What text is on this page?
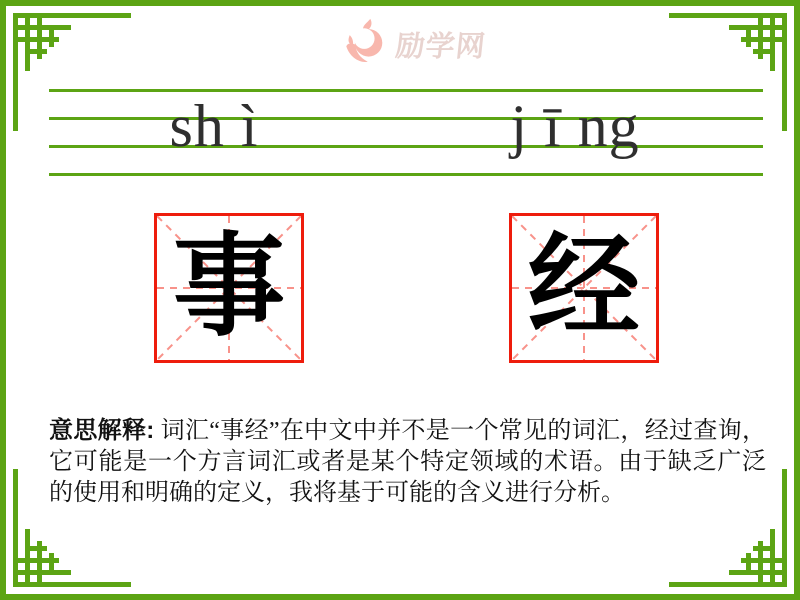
励学网
sh ì	j ī ng
事 经
意思解释: 词汇“事经”在中文中并不是一个常见的词汇，经过查询，它可能是一个方言词汇或者是某个特定领域的术语。由于缺乏广泛的使用和明确的定义，我将基于可能的含义进行分析。
